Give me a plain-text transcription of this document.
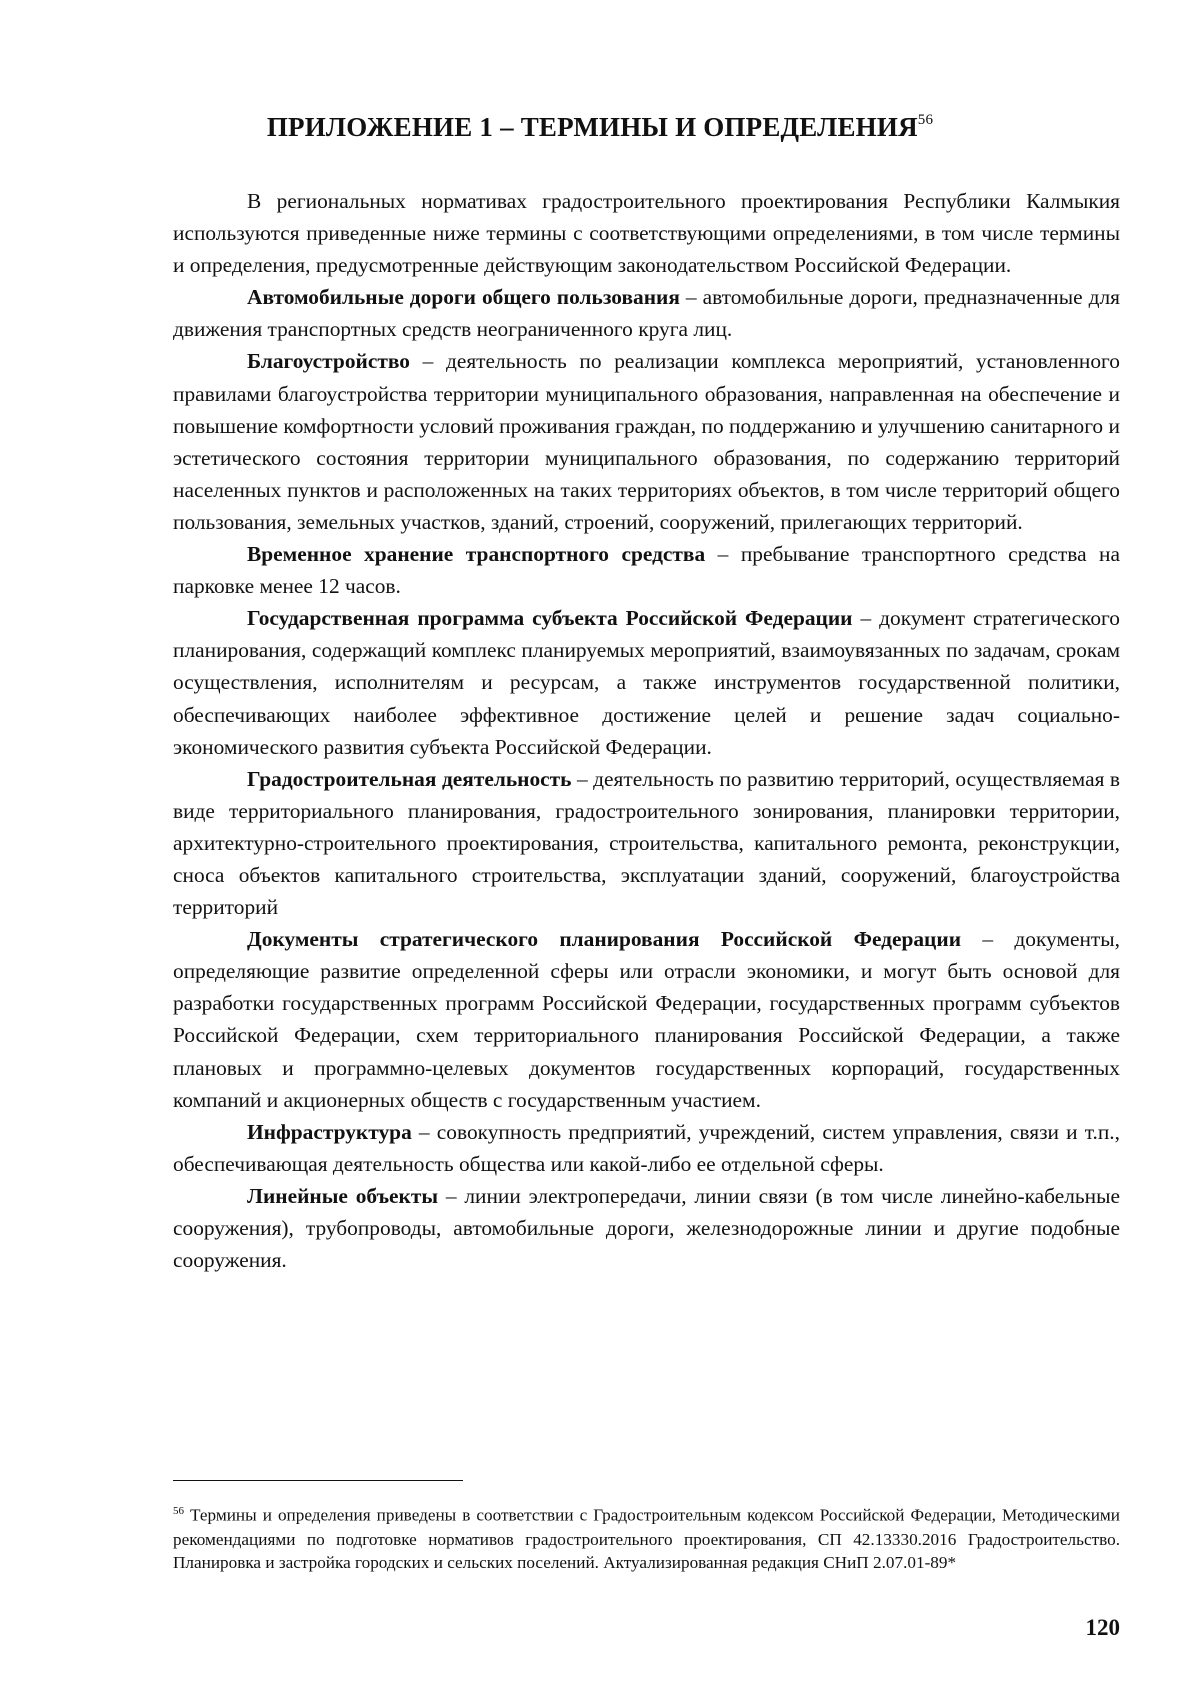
ПРИЛОЖЕНИЕ 1 – ТЕРМИНЫ И ОПРЕДЕЛЕНИЯ$^{56}$

В региональных нормативах градостроительного проектирования Республики Калмыкия используются приведенные ниже термины с соответствующими определениями, в том числе термины и определения, предусмотренные действующим законодательством Российской Федерации.

Автомобильные дороги общего пользования – автомобильные дороги, предназначенные для движения транспортных средств неограниченного круга лиц.

Благоустройство – деятельность по реализации комплекса мероприятий, установленного правилами благоустройства территории муниципального образования, направленная на обеспечение и повышение комфортности условий проживания граждан, по поддержанию и улучшению санитарного и эстетического состояния территории муниципального образования, по содержанию территорий населенных пунктов и расположенных на таких территориях объектов, в том числе территорий общего пользования, земельных участков, зданий, строений, сооружений, прилегающих территорий.

Временное хранение транспортного средства – пребывание транспортного средства на парковке менее 12 часов.

Государственная программа субъекта Российской Федерации – документ стратегического планирования, содержащий комплекс планируемых мероприятий, взаимоувязанных по задачам, срокам осуществления, исполнителям и ресурсам, а также инструментов государственной политики, обеспечивающих наиболее эффективное достижение целей и решение задач социально-экономического развития субъекта Российской Федерации.

Градостроительная деятельность – деятельность по развитию территорий, осуществляемая в виде территориального планирования, градостроительного зонирования, планировки территории, архитектурно-строительного проектирования, строительства, капитального ремонта, реконструкции, сноса объектов капитального строительства, эксплуатации зданий, сооружений, благоустройства территорий

Документы стратегического планирования Российской Федерации – документы, определяющие развитие определенной сферы или отрасли экономики, и могут быть основой для разработки государственных программ Российской Федерации, государственных программ субъектов Российской Федерации, схем территориального планирования Российской Федерации, а также плановых и программно-целевых документов государственных корпораций, государственных компаний и акционерных обществ с государственным участием.

Инфраструктура – совокупность предприятий, учреждений, систем управления, связи и т.п., обеспечивающая деятельность общества или какой-либо ее отдельной сферы.

Линейные объекты – линии электропередачи, линии связи (в том числе линейно-кабельные сооружения), трубопроводы, автомобильные дороги, железнодорожные линии и другие подобные сооружения.

$^{56}$ Термины и определения приведены в соответствии с Градостроительным кодексом Российской Федерации, Методическими рекомендациями по подготовке нормативов градостроительного проектирования, СП 42.13330.2016 Градостроительство. Планировка и застройка городских и сельских поселений. Актуализированная редакция СНиП 2.07.01-89*

120
